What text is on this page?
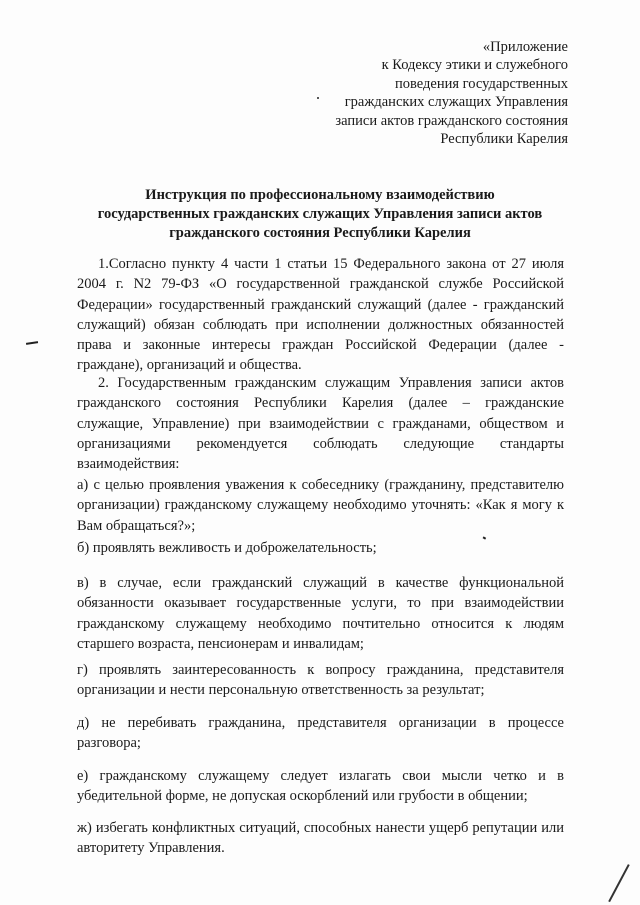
«Приложение
к Кодексу этики и служебного
поведения государственных
гражданских служащих Управления
записи актов гражданского состояния
Республики Карелия
Инструкция по профессиональному взаимодействию
государственных гражданских служащих Управления записи актов
гражданского состояния Республики Карелия

1.Согласно пункту 4 части 1 статьи 15 Федерального закона от 27 июля 2004 г. N2 79-ФЗ «О государственной гражданской службе Российской Федерации» государственный гражданский служащий (далее - гражданский служащий) обязан соблюдать при исполнении должностных обязанностей права и законные интересы граждан Российской Федерации (далее - граждане), организаций и общества.

2. Государственным гражданским служащим Управления записи актов гражданского состояния Республики Карелия (далее – гражданские служащие, Управление) при взаимодействии с гражданами, обществом и организациями рекомендуется соблюдать следующие стандарты взаимодействия:

а) с целью проявления уважения к собеседнику (гражданину, представителю организации) гражданскому служащему необходимо уточнять: «Как я могу к Вам обращаться?»;

б) проявлять вежливость и доброжелательность;

в) в случае, если гражданский служащий в качестве функциональной обязанности оказывает государственные услуги, то при взаимодействии гражданскому служащему необходимо почтительно относится к людям старшего возраста, пенсионерам и инвалидам;

г) проявлять заинтересованность к вопросу гражданина, представителя организации и нести персональную ответственность за результат;

д) не перебивать гражданина, представителя организации в процессе разговора;

е) гражданскому служащему следует излагать свои мысли четко и в убедительной форме, не допуская оскорблений или грубости в общении;

ж) избегать конфликтных ситуаций, способных нанести ущерб репутации или авторитету Управления.
